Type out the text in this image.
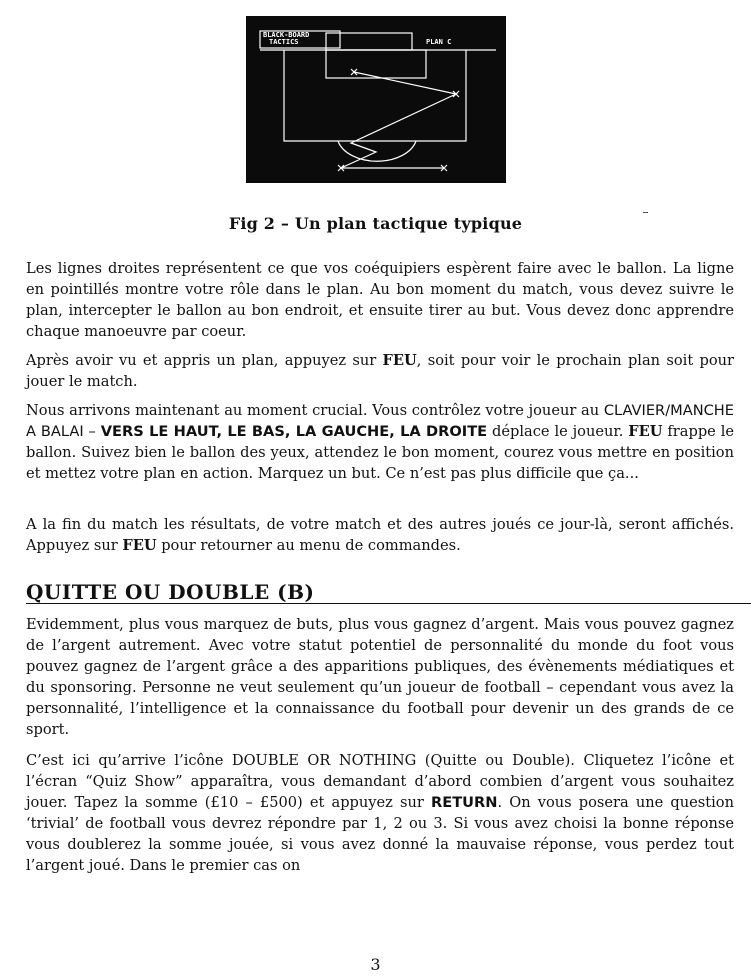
BLACK-BOARD
TACTICS	PLAN C
Fig 2 – Un plan tactique typique

Les lignes droites représentent ce que vos coéquipiers espèrent faire avec le ballon. La ligne en pointillés montre votre rôle dans le plan. Au bon moment du match, vous devez suivre le plan, intercepter le ballon au bon endroit, et ensuite tirer au but. Vous devez donc apprendre chaque manoeuvre par coeur.

Après avoir vu et appris un plan, appuyez sur FEU, soit pour voir le prochain plan soit pour jouer le match.

Nous arrivons maintenant au moment crucial. Vous contrôlez votre joueur au CLAVIER/MANCHE A BALAI – VERS LE HAUT, LE BAS, LA GAUCHE, LA DROITE déplace le joueur. FEU frappe le ballon. Suivez bien le ballon des yeux, attendez le bon moment, courez vous mettre en position et mettez votre plan en action. Marquez un but. Ce n’est pas plus difficile que ça...

A la fin du match les résultats, de votre match et des autres joués ce jour-là, seront affichés. Appuyez sur FEU pour retourner au menu de commandes.

QUITTE OU DOUBLE (B)

Evidemment, plus vous marquez de buts, plus vous gagnez d’argent. Mais vous pouvez gagnez de l’argent autrement. Avec votre statut potentiel de personnalité du monde du foot vous pouvez gagnez de l’argent grâce a des apparitions publiques, des évènements médiatiques et du sponsoring. Personne ne veut seulement qu’un joueur de football – cependant vous avez la personnalité, l’intelligence et la connaissance du football pour devenir un des grands de ce sport.

C’est ici qu’arrive l’icône DOUBLE OR NOTHING (Quitte ou Double). Cliquetez l’icône et l’écran “Quiz Show” apparaîtra, vous demandant d’abord combien d’argent vous souhaitez jouer. Tapez la somme (£10 – £500) et appuyez sur RETURN. On vous posera une question ‘trivial’ de football vous devrez répondre par 1, 2 ou 3. Si vous avez choisi la bonne réponse vous doublerez la somme jouée, si vous avez donné la mauvaise réponse, vous perdez tout l’argent joué. Dans le premier cas on

3
